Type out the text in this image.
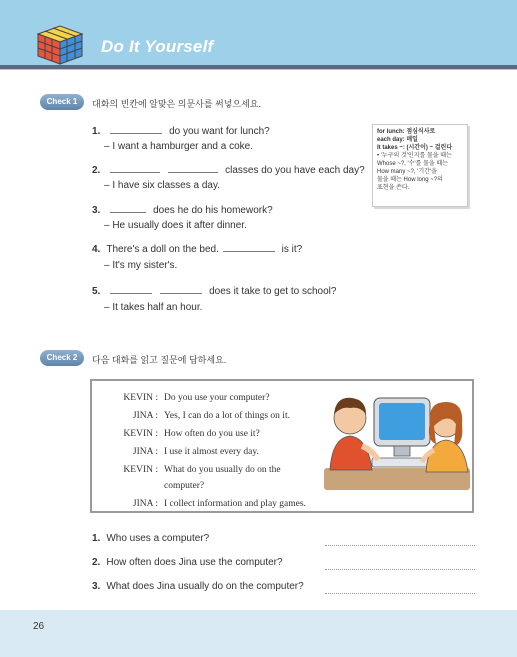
Do It Yourself
Check 1	대화의 빈칸에 알맞은 의문사를 써넣으세요.
1.	do you want for lunch?
– I want a hamburger and a coke.
2.	classes do you have each day?
– I have six classes a day.
3.	does he do his homework?
– He usually does it after dinner.
4. There's a doll on the bed.	is it?
– It's my sister's.
5.	does it take to get to school?
– It takes half an hour.
for lunch: 점심식사로
each day: 매일
It takes ~: (시간이) ~ 걸린다
• '누구의 것'인지를 물을 때는
Whose ~?, '수'를 물을 때는
How many ~?, '기간'을
물을 때는 How long ~?의
표현을 쓴다.
Check 2	다음 대화를 읽고 질문에 답하세요.
KEVIN : Do you use your computer?
JINA : Yes, I can do a lot of things on it.
KEVIN : How often do you use it?
JINA : I use it almost every day.
KEVIN : What do you usually do on the
computer?
JINA : I collect information and play games.
1. Who uses a computer?
2. How often does Jina use the computer?
3. What does Jina usually do on the computer?
26
